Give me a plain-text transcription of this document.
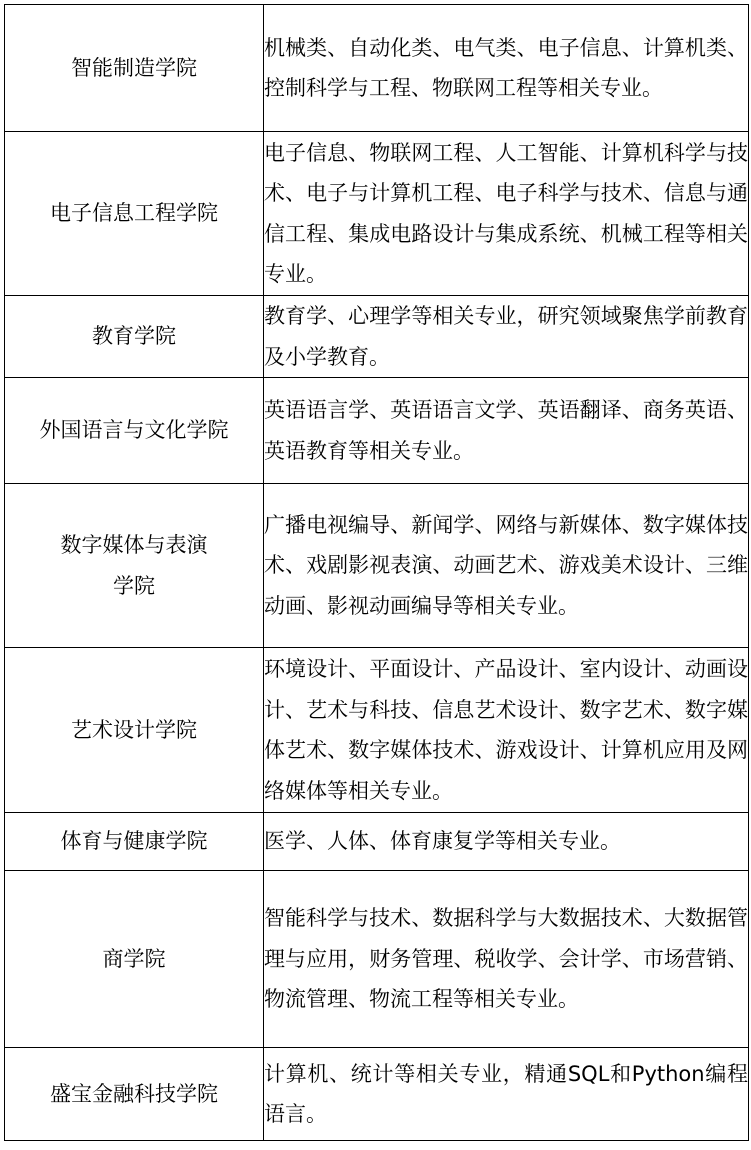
智能制造学院	机械类、自动化类、电气类、电子信息、计算机类、控制科学与工程、物联网工程等相关专业。
电子信息工程学院	电子信息、物联网工程、人工智能、计算机科学与技术、电子与计算机工程、电子科学与技术、信息与通信工程、集成电路设计与集成系统、机械工程等相关专业。
教育学院	教育学、心理学等相关专业，研究领域聚焦学前教育及小学教育。
外国语言与文化学院	英语语言学、英语语言文学、英语翻译、商务英语、英语教育等相关专业。
数字媒体与表演学院	广播电视编导、新闻学、网络与新媒体、数字媒体技术、戏剧影视表演、动画艺术、游戏美术设计、三维动画、影视动画编导等相关专业。
艺术设计学院	环境设计、平面设计、产品设计、室内设计、动画设计、艺术与科技、信息艺术设计、数字艺术、数字媒体艺术、数字媒体技术、游戏设计、计算机应用及网络媒体等相关专业。
体育与健康学院	医学、人体、体育康复学等相关专业。
商学院	智能科学与技术、数据科学与大数据技术、大数据管理与应用，财务管理、税收学、会计学、市场营销、物流管理、物流工程等相关专业。
盛宝金融科技学院	计算机、统计等相关专业，精通SQL和Python编程语言。
